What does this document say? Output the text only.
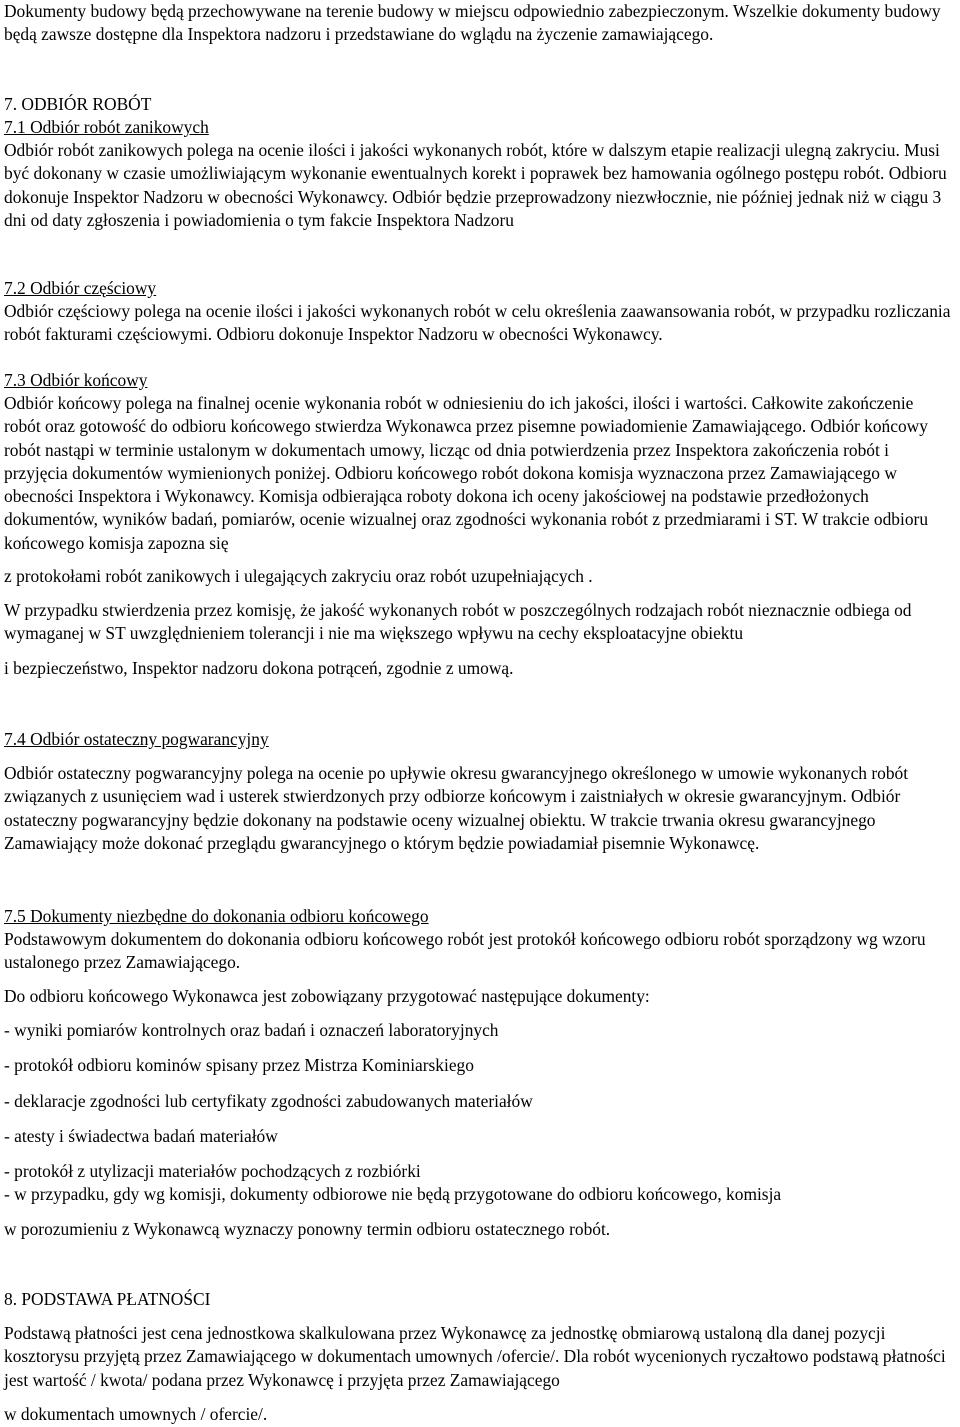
Dokumenty budowy będą przechowywane na terenie budowy w miejscu odpowiednio zabezpieczonym. Wszelkie dokumenty budowy będą zawsze dostępne dla Inspektora nadzoru i przedstawiane do wglądu na życzenie zamawiającego.

7. ODBIÓR ROBÓT

7.1 Odbiór robót zanikowych

Odbiór robót zanikowych polega na ocenie ilości i jakości wykonanych robót, które w dalszym etapie realizacji ulegną zakryciu. Musi być dokonany w czasie umożliwiającym wykonanie ewentualnych korekt i poprawek bez hamowania ogólnego postępu robót. Odbioru dokonuje Inspektor Nadzoru w obecności Wykonawcy. Odbiór będzie przeprowadzony niezwłocznie, nie później jednak niż w ciągu 3 dni od daty zgłoszenia i powiadomienia o tym fakcie Inspektora Nadzoru

7.2 Odbiór częściowy

Odbiór częściowy polega na ocenie ilości i jakości wykonanych robót w celu określenia zaawansowania robót, w przypadku rozliczania robót fakturami częściowymi. Odbioru dokonuje Inspektor Nadzoru w obecności Wykonawcy.

7.3 Odbiór końcowy

Odbiór końcowy polega na finalnej ocenie wykonania robót w odniesieniu do ich jakości, ilości i wartości. Całkowite zakończenie robót oraz gotowość do odbioru końcowego stwierdza Wykonawca przez pisemne powiadomienie Zamawiającego. Odbiór końcowy robót nastąpi w terminie ustalonym w dokumentach umowy, licząc od dnia potwierdzenia przez Inspektora zakończenia robót i przyjęcia dokumentów wymienionych poniżej. Odbioru końcowego robót dokona komisja wyznaczona przez Zamawiającego w obecności Inspektora i Wykonawcy. Komisja odbierająca roboty dokona ich oceny jakościowej na podstawie przedłożonych dokumentów, wyników badań, pomiarów, ocenie wizualnej oraz zgodności wykonania robót z przedmiarami i ST. W trakcie odbioru końcowego komisja zapozna się

z protokołami robót zanikowych i ulegających zakryciu oraz robót uzupełniających .

W przypadku stwierdzenia przez komisję, że jakość wykonanych robót w poszczególnych rodzajach robót nieznacznie odbiega od wymaganej w ST uwzględnieniem tolerancji i nie ma większego wpływu na cechy eksploatacyjne obiektu

i bezpieczeństwo, Inspektor nadzoru dokona potrąceń, zgodnie z umową.

7.4 Odbiór ostateczny pogwarancyjny

Odbiór ostateczny pogwarancyjny polega na ocenie po upływie okresu gwarancyjnego określonego w umowie wykonanych robót związanych z usunięciem wad i usterek stwierdzonych przy odbiorze końcowym i zaistniałych w okresie gwarancyjnym. Odbiór ostateczny pogwarancyjny będzie dokonany na podstawie oceny wizualnej obiektu. W trakcie trwania okresu gwarancyjnego Zamawiający może dokonać przeglądu gwarancyjnego o którym będzie powiadamiał pisemnie Wykonawcę.

7.5 Dokumenty niezbędne do dokonania odbioru końcowego

Podstawowym dokumentem do dokonania odbioru końcowego robót jest protokół końcowego odbioru robót sporządzony wg wzoru ustalonego przez Zamawiającego.

Do odbioru końcowego Wykonawca jest zobowiązany przygotować następujące dokumenty:

- wyniki pomiarów kontrolnych oraz badań i oznaczeń laboratoryjnych

- protokół odbioru kominów spisany przez Mistrza Kominiarskiego

- deklaracje zgodności lub certyfikaty zgodności zabudowanych materiałów

- atesty i świadectwa badań materiałów

- protokół z utylizacji materiałów pochodzących z rozbiórki

- w przypadku, gdy wg komisji, dokumenty odbiorowe nie będą przygotowane do odbioru końcowego, komisja

w porozumieniu z Wykonawcą wyznaczy ponowny termin odbioru ostatecznego robót.

8. PODSTAWA PŁATNOŚCI

Podstawą płatności jest cena jednostkowa skalkulowana przez Wykonawcę za jednostkę obmiarową ustaloną dla danej pozycji kosztorysu przyjętą przez Zamawiającego w dokumentach umownych /ofercie/. Dla robót wycenionych ryczałtowo podstawą płatności jest wartość / kwota/ podana przez Wykonawcę i przyjęta przez Zamawiającego

w dokumentach umownych / ofercie/.
